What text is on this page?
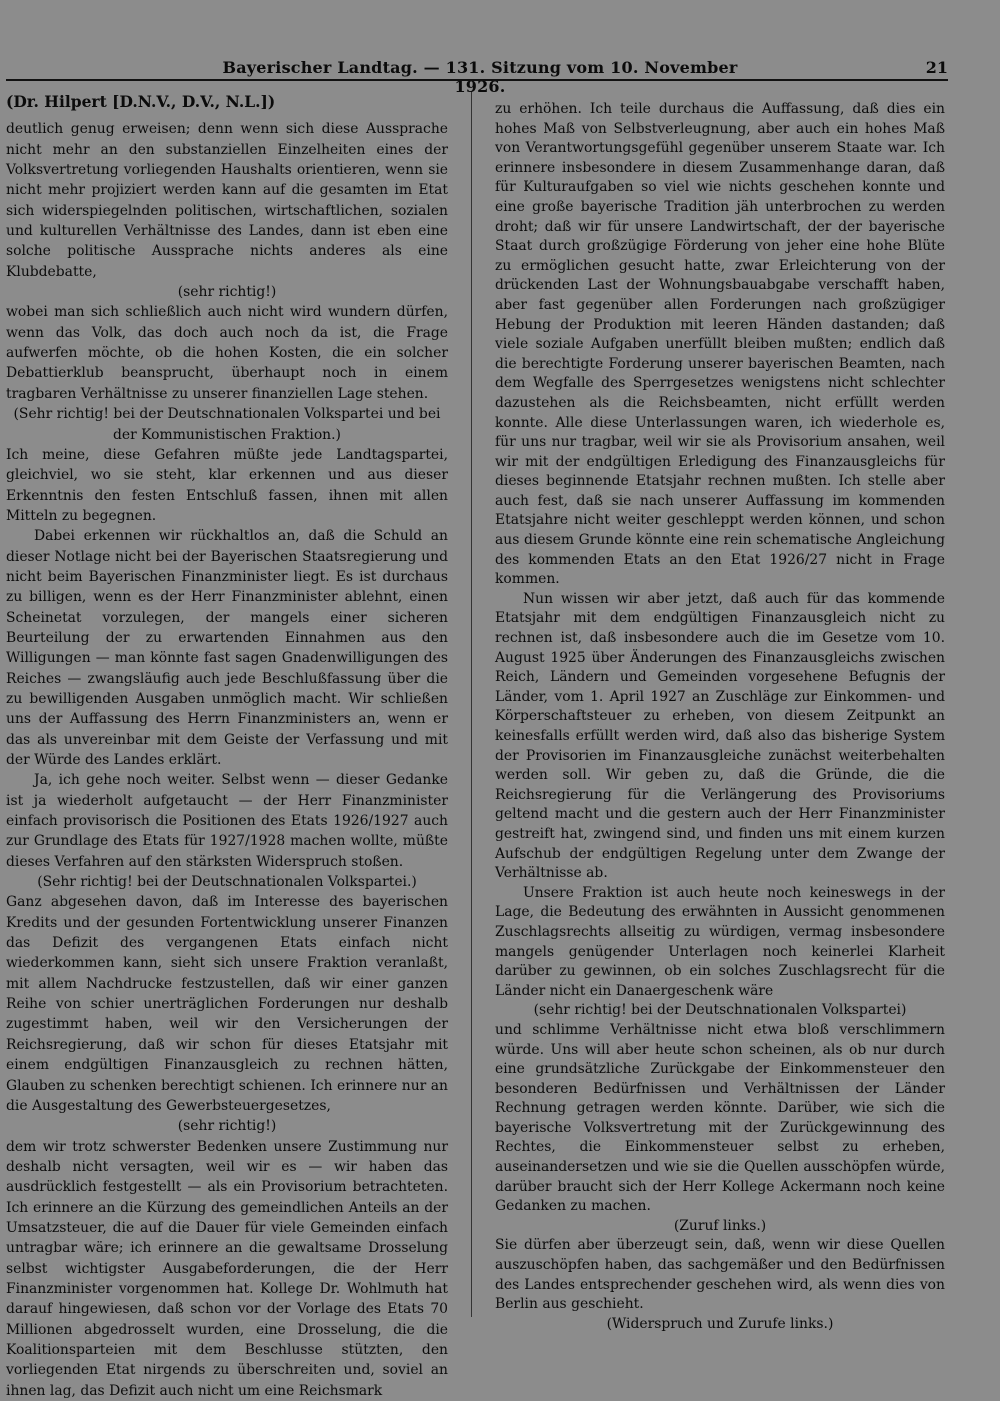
Bayerischer Landtag. — 131. Sitzung vom 10. November 1926.
21

(Dr. Hilpert [D.N.V., D.V., N.L.])

deutlich genug erweisen; denn wenn sich diese Aussprache nicht mehr an den substanziellen Einzelheiten eines der Volksvertretung vorliegenden Haushalts orientieren, wenn sie nicht mehr projiziert werden kann auf die gesamten im Etat sich widerspiegelnden politischen, wirtschaftlichen, sozialen und kulturellen Verhältnisse des Landes, dann ist eben eine solche politische Aussprache nichts anderes als eine Klubdebatte,

(sehr richtig!)

wobei man sich schließlich auch nicht wird wundern dürfen, wenn das Volk, das doch auch noch da ist, die Frage aufwerfen möchte, ob die hohen Kosten, die ein solcher Debattierklub beansprucht, überhaupt noch in einem tragbaren Verhältnisse zu unserer finanziellen Lage stehen.

(Sehr richtig! bei der Deutschnationalen Volkspartei und bei der Kommunistischen Fraktion.)

Ich meine, diese Gefahren müßte jede Landtagspartei, gleichviel, wo sie steht, klar erkennen und aus dieser Erkenntnis den festen Entschluß fassen, ihnen mit allen Mitteln zu begegnen.

Dabei erkennen wir rückhaltlos an, daß die Schuld an dieser Notlage nicht bei der Bayerischen Staatsregierung und nicht beim Bayerischen Finanzminister liegt. Es ist durchaus zu billigen, wenn es der Herr Finanzminister ablehnt, einen Scheinetat vorzulegen, der mangels einer sicheren Beurteilung der zu erwartenden Einnahmen aus den Willigungen — man könnte fast sagen Gnadenwilligungen des Reiches — zwangsläufig auch jede Beschlußfassung über die zu bewilligenden Ausgaben unmöglich macht. Wir schließen uns der Auffassung des Herrn Finanzministers an, wenn er das als unvereinbar mit dem Geiste der Verfassung und mit der Würde des Landes erklärt.

Ja, ich gehe noch weiter. Selbst wenn — dieser Gedanke ist ja wiederholt aufgetaucht — der Herr Finanzminister einfach provisorisch die Positionen des Etats 1926/1927 auch zur Grundlage des Etats für 1927/1928 machen wollte, müßte dieses Verfahren auf den stärksten Widerspruch stoßen.

(Sehr richtig! bei der Deutschnationalen Volkspartei.)

Ganz abgesehen davon, daß im Interesse des bayerischen Kredits und der gesunden Fortentwicklung unserer Finanzen das Defizit des vergangenen Etats einfach nicht wiederkommen kann, sieht sich unsere Fraktion veranlaßt, mit allem Nachdrucke festzustellen, daß wir einer ganzen Reihe von schier unerträglichen Forderungen nur deshalb zugestimmt haben, weil wir den Versicherungen der Reichsregierung, daß wir schon für dieses Etatsjahr mit einem endgültigen Finanzausgleich zu rechnen hätten, Glauben zu schenken berechtigt schienen. Ich erinnere nur an die Ausgestaltung des Gewerbsteuergesetzes,

(sehr richtig!)

dem wir trotz schwerster Bedenken unsere Zustimmung nur deshalb nicht versagten, weil wir es — wir haben das ausdrücklich festgestellt — als ein Provisorium betrachteten. Ich erinnere an die Kürzung des gemeindlichen Anteils an der Umsatzsteuer, die auf die Dauer für viele Gemeinden einfach untragbar wäre; ich erinnere an die gewaltsame Drosselung selbst wichtigster Ausgabeforderungen, die der Herr Finanzminister vorgenommen hat. Kollege Dr. Wohlmuth hat darauf hingewiesen, daß schon vor der Vorlage des Etats 70 Millionen abgedrosselt wurden, eine Drosselung, die die Koalitionsparteien mit dem Beschlusse stützten, den vorliegenden Etat nirgends zu überschreiten und, soviel an ihnen lag, das Defizit auch nicht um eine Reichsmark

zu erhöhen. Ich teile durchaus die Auffassung, daß dies ein hohes Maß von Selbstverleugnung, aber auch ein hohes Maß von Verantwortungsgefühl gegenüber unserem Staate war. Ich erinnere insbesondere in diesem Zusammenhange daran, daß für Kulturaufgaben so viel wie nichts geschehen konnte und eine große bayerische Tradition jäh unterbrochen zu werden droht; daß wir für unsere Landwirtschaft, der der bayerische Staat durch großzügige Förderung von jeher eine hohe Blüte zu ermöglichen gesucht hatte, zwar Erleichterung von der drückenden Last der Wohnungsbauabgabe verschafft haben, aber fast gegenüber allen Forderungen nach großzügiger Hebung der Produktion mit leeren Händen dastanden; daß viele soziale Aufgaben unerfüllt bleiben mußten; endlich daß die berechtigte Forderung unserer bayerischen Beamten, nach dem Wegfalle des Sperrgesetzes wenigstens nicht schlechter dazustehen als die Reichsbeamten, nicht erfüllt werden konnte. Alle diese Unterlassungen waren, ich wiederhole es, für uns nur tragbar, weil wir sie als Provisorium ansahen, weil wir mit der endgültigen Erledigung des Finanzausgleichs für dieses beginnende Etatsjahr rechnen mußten. Ich stelle aber auch fest, daß sie nach unserer Auffassung im kommenden Etatsjahre nicht weiter geschleppt werden können, und schon aus diesem Grunde könnte eine rein schematische Angleichung des kommenden Etats an den Etat 1926/27 nicht in Frage kommen.

Nun wissen wir aber jetzt, daß auch für das kommende Etatsjahr mit dem endgültigen Finanzausgleich nicht zu rechnen ist, daß insbesondere auch die im Gesetze vom 10. August 1925 über Änderungen des Finanzausgleichs zwischen Reich, Ländern und Gemeinden vorgesehene Befugnis der Länder, vom 1. April 1927 an Zuschläge zur Einkommen- und Körperschaftsteuer zu erheben, von diesem Zeitpunkt an keinesfalls erfüllt werden wird, daß also das bisherige System der Provisorien im Finanzausgleiche zunächst weiterbehalten werden soll. Wir geben zu, daß die Gründe, die die Reichsregierung für die Verlängerung des Provisoriums geltend macht und die gestern auch der Herr Finanzminister gestreift hat, zwingend sind, und finden uns mit einem kurzen Aufschub der endgültigen Regelung unter dem Zwange der Verhältnisse ab.

Unsere Fraktion ist auch heute noch keineswegs in der Lage, die Bedeutung des erwähnten in Aussicht genommenen Zuschlagsrechts allseitig zu würdigen, vermag insbesondere mangels genügender Unterlagen noch keinerlei Klarheit darüber zu gewinnen, ob ein solches Zuschlagsrecht für die Länder nicht ein Danaergeschenk wäre

(sehr richtig! bei der Deutschnationalen Volkspartei)

und schlimme Verhältnisse nicht etwa bloß verschlimmern würde. Uns will aber heute schon scheinen, als ob nur durch eine grundsätzliche Zurückgabe der Einkommensteuer den besonderen Bedürfnissen und Verhältnissen der Länder Rechnung getragen werden könnte. Darüber, wie sich die bayerische Volksvertretung mit der Zurückgewinnung des Rechtes, die Einkommensteuer selbst zu erheben, auseinandersetzen und wie sie die Quellen ausschöpfen würde, darüber braucht sich der Herr Kollege Ackermann noch keine Gedanken zu machen.

(Zuruf links.)

Sie dürfen aber überzeugt sein, daß, wenn wir diese Quellen auszuschöpfen haben, das sachgemäßer und den Bedürfnissen des Landes entsprechender geschehen wird, als wenn dies von Berlin aus geschieht.

(Widerspruch und Zurufe links.)
